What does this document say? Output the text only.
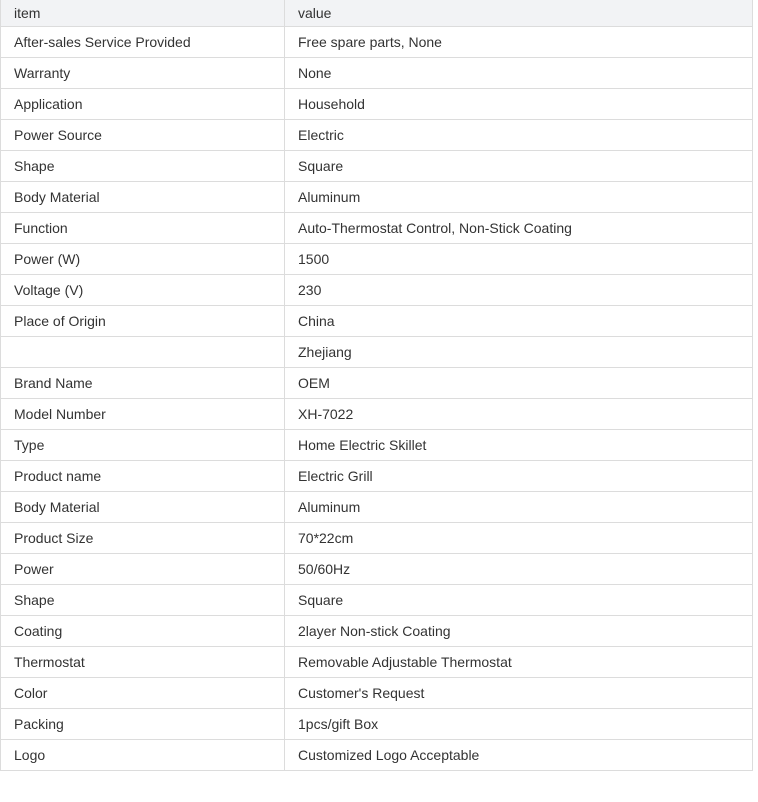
item	value
After-sales Service Provided	Free spare parts, None
Warranty	None
Application	Household
Power Source	Electric
Shape	Square
Body Material	Aluminum
Function	Auto-Thermostat Control, Non-Stick Coating
Power (W)	1500
Voltage (V)	230
Place of Origin	China
	Zhejiang
Brand Name	OEM
Model Number	XH-7022
Type	Home Electric Skillet
Product name	Electric Grill
Body Material	Aluminum
Product Size	70*22cm
Power	50/60Hz
Shape	Square
Coating	2layer Non-stick Coating
Thermostat	Removable Adjustable Thermostat
Color	Customer's Request
Packing	1pcs/gift Box
Logo	Customized Logo Acceptable
